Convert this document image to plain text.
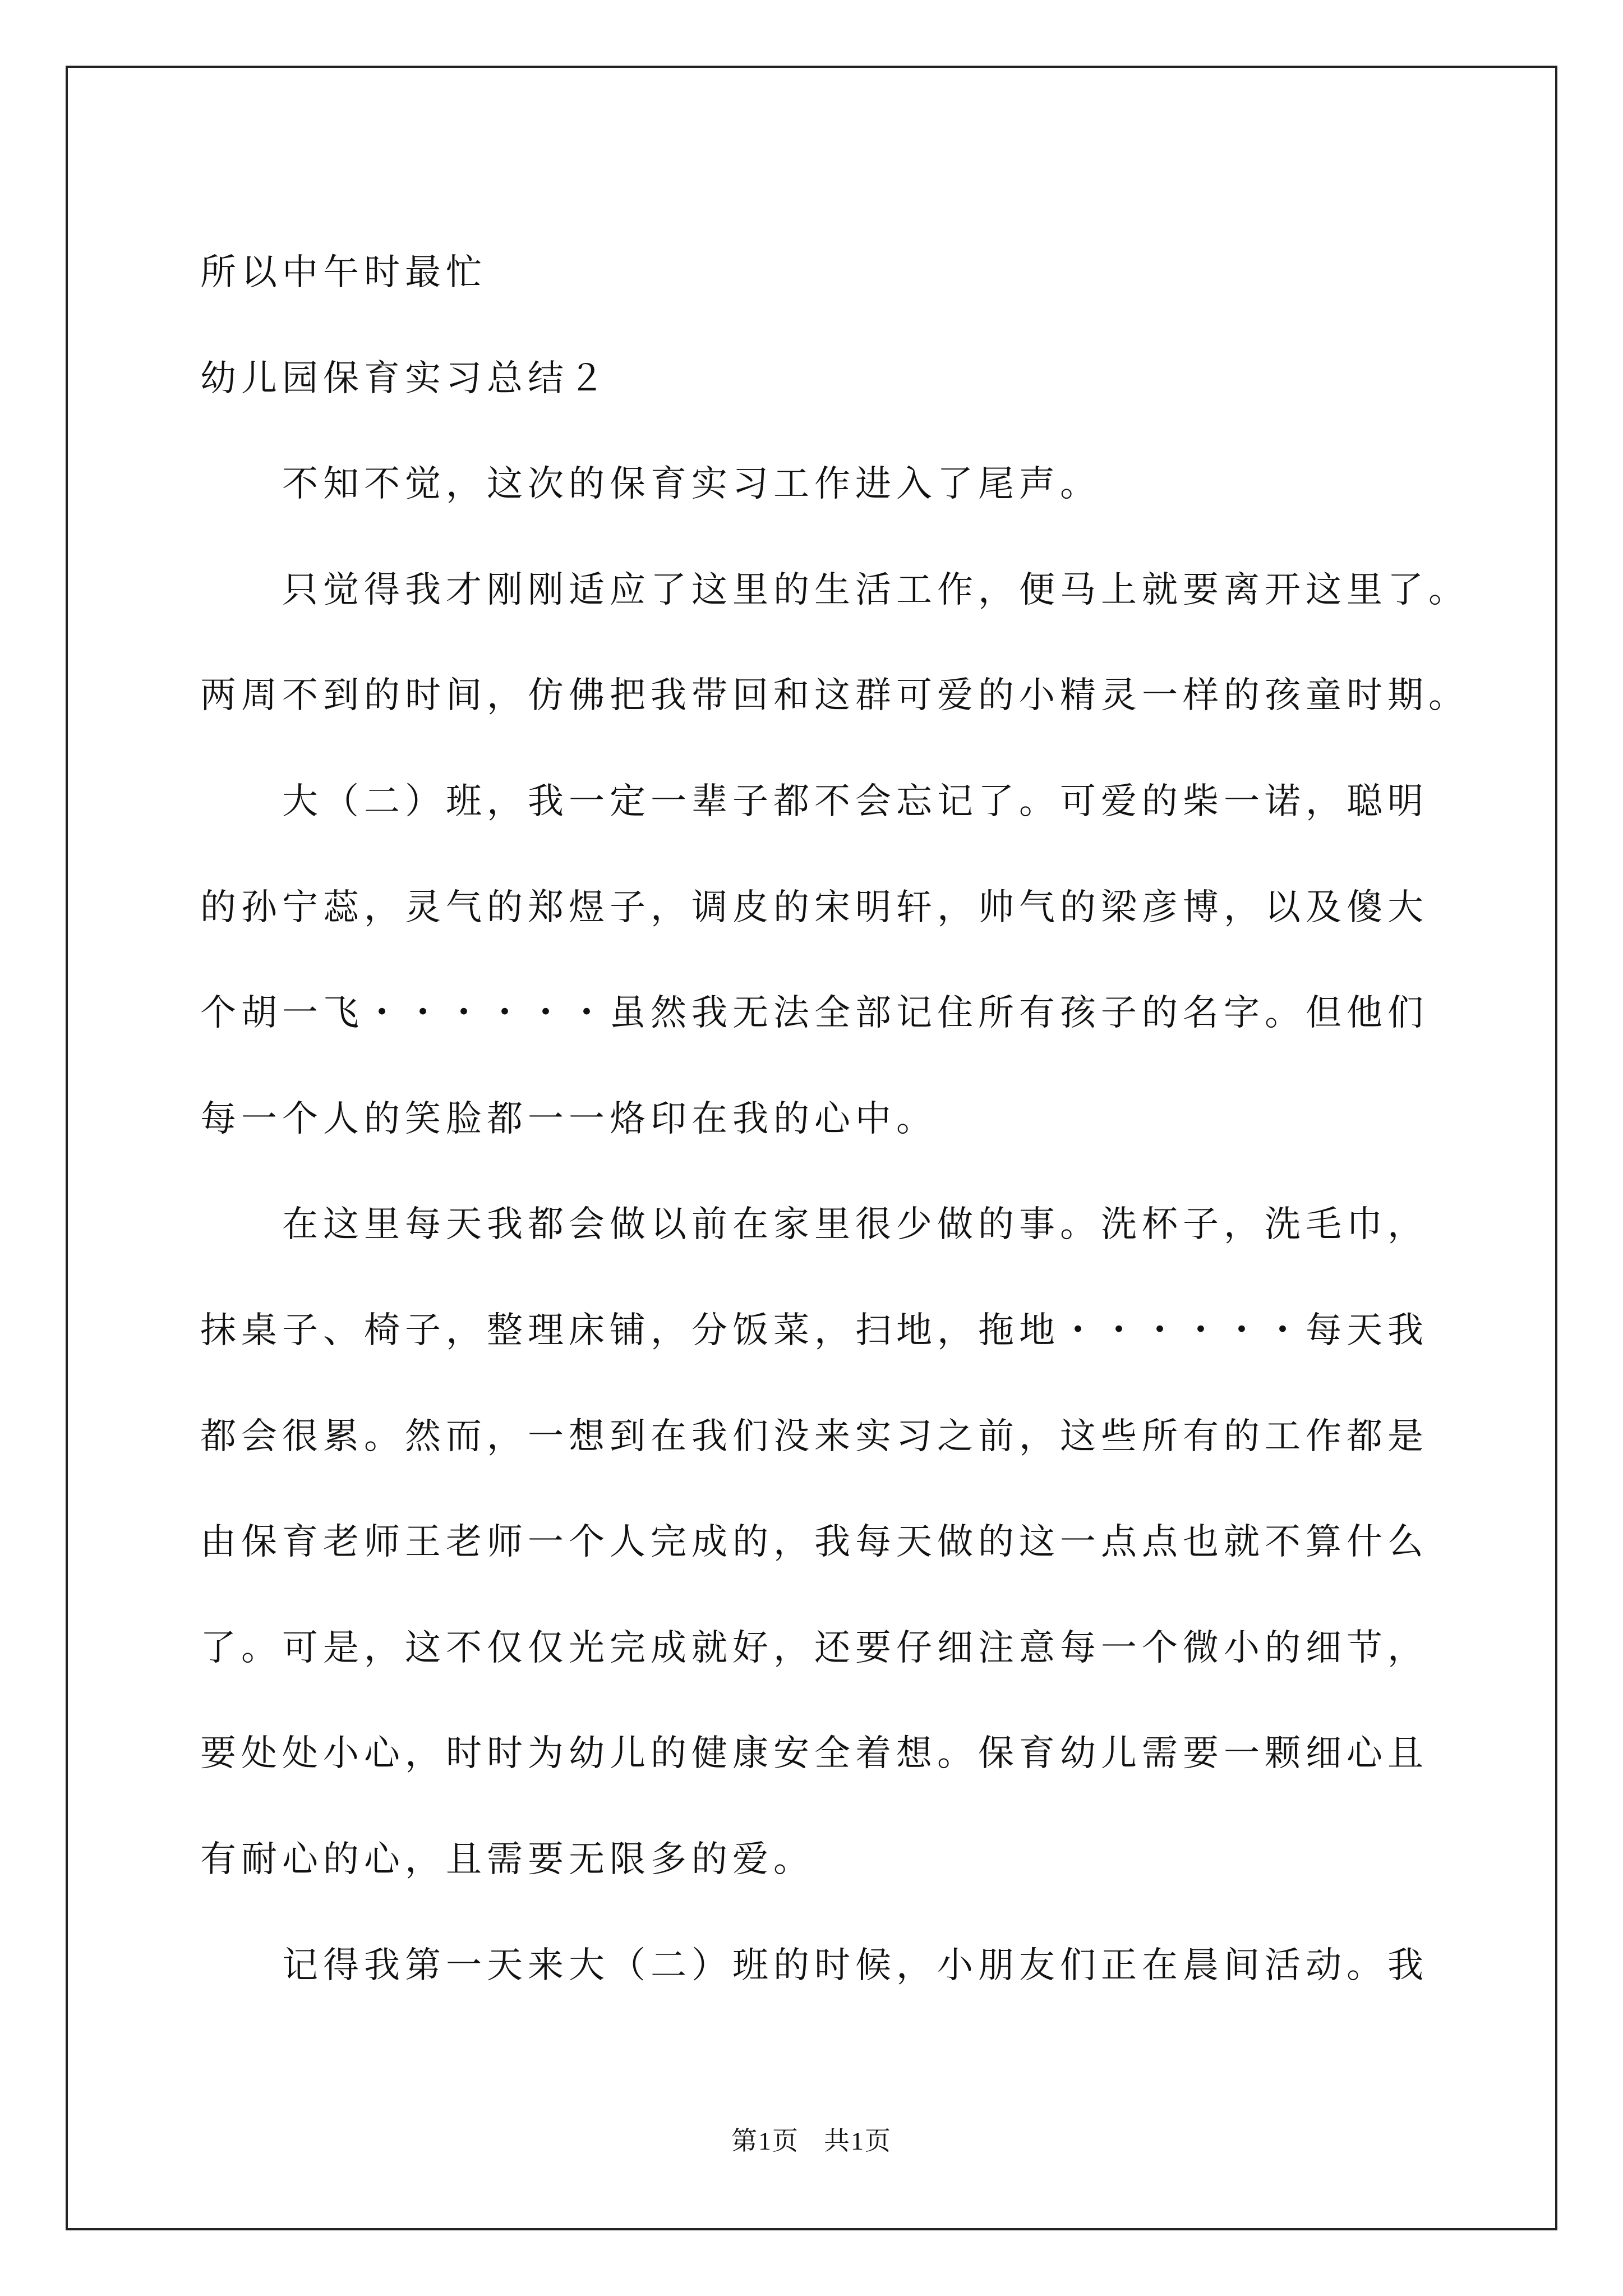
所以中午时最忙
幼儿园保育实习总结２
不知不觉，这次的保育实习工作进入了尾声。
只觉得我才刚刚适应了这里的生活工作，便马上就要离开这里了。
两周不到的时间，仿佛把我带回和这群可爱的小精灵一样的孩童时期。
大（二）班，我一定一辈子都不会忘记了。可爱的柴一诺，聪明
的孙宁蕊，灵气的郑煜子，调皮的宋明轩，帅气的梁彦博，以及傻大
个胡一飞・・・・・・虽然我无法全部记住所有孩子的名字。但他们
每一个人的笑脸都一一烙印在我的心中。
在这里每天我都会做以前在家里很少做的事。洗杯子，洗毛巾，
抹桌子、椅子，整理床铺，分饭菜，扫地，拖地・・・・・・每天我
都会很累。然而，一想到在我们没来实习之前，这些所有的工作都是
由保育老师王老师一个人完成的，我每天做的这一点点也就不算什么
了。可是，这不仅仅光完成就好，还要仔细注意每一个微小的细节，
要处处小心，时时为幼儿的健康安全着想。保育幼儿需要一颗细心且
有耐心的心，且需要无限多的爱。
记得我第一天来大（二）班的时候，小朋友们正在晨间活动。我
第1页 共1页
